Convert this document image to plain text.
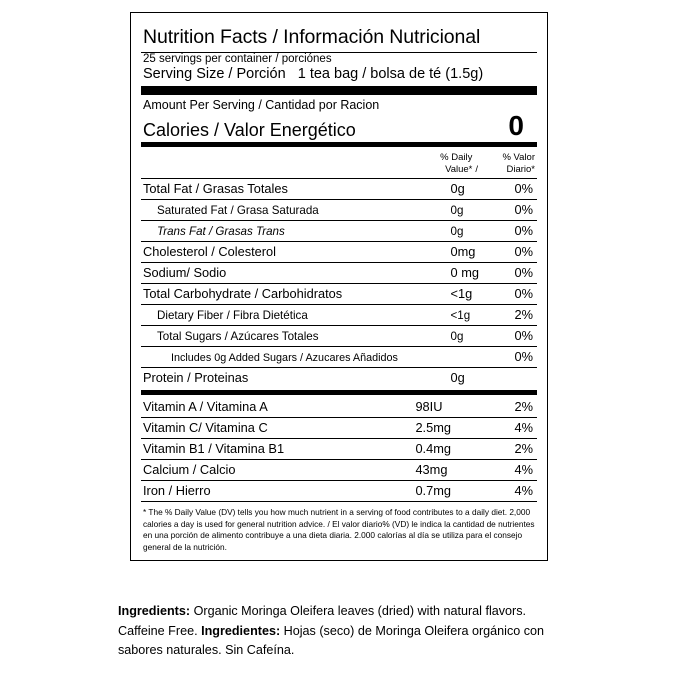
Nutrition Facts / Información Nutricional
25 servings per container / porciónes
Serving Size / Porción 1 tea bag / bolsa de té (1.5g)
Amount Per Serving / Cantidad por Racion
Calories / Valor Energético	0
% Daily
Value* /
% Valor
Diario*
Total Fat / Grasas Totales	0g	0%
Saturated Fat / Grasa Saturada	0g	0%
Trans Fat / Grasas Trans	0g	0%
Cholesterol / Colesterol	0mg	0%
Sodium/ Sodio	0 mg	0%
Total Carbohydrate / Carbohidratos	<1g	0%
Dietary Fiber / Fibra Dietética	<1g	2%
Total Sugars / Azúcares Totales	0g	0%
Includes 0g Added Sugars / Azucares Añadidos		0%
Protein / Proteinas	0g	
Vitamin A / Vitamina A	98IU	2%
Vitamin C/ Vitamina C	2.5mg	4%
Vitamin B1 / Vitamina B1	0.4mg	2%
Calcium / Calcio	43mg	4%
Iron / Hierro	0.7mg	4%
* The % Daily Value (DV) tells you how much nutrient in a serving of food contributes to a daily diet. 2,000 calories a day is used for general nutrition advice. / El valor diario% (VD) le indica la cantidad de nutrientes en una porción de alimento contribuye a una dieta diaria. 2.000 calorías al día se utiliza para el consejo general de la nutrición.
Ingredients: Organic Moringa Oleifera leaves (dried) with natural flavors. Caffeine Free. Ingredientes: Hojas (seco) de Moringa Oleifera orgánico con sabores naturales. Sin Cafeína.
